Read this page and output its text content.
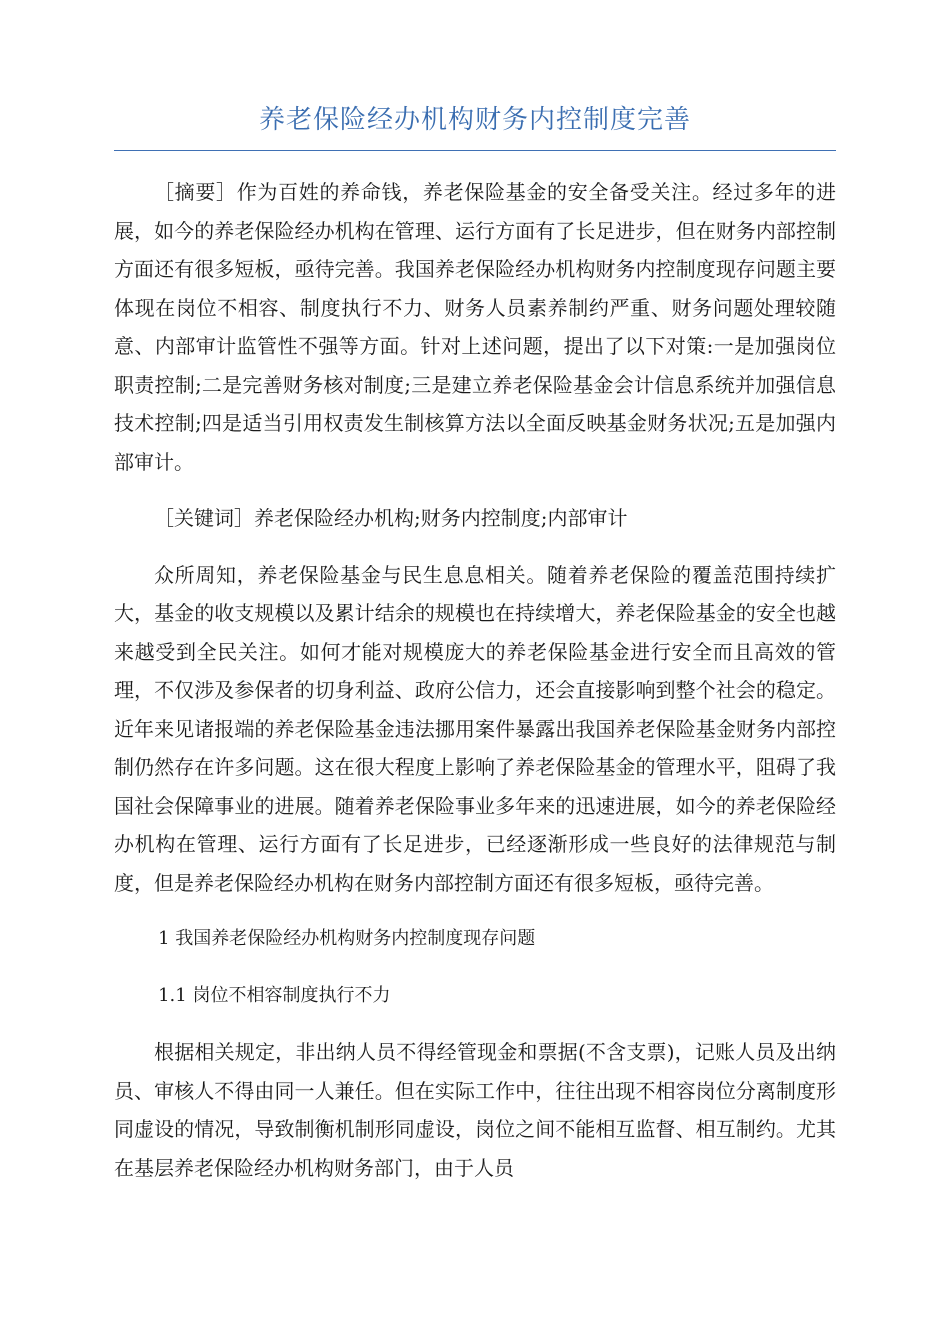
养老保险经办机构财务内控制度完善

［摘要］作为百姓的养命钱，养老保险基金的安全备受关注。经过多年的进展，如今的养老保险经办机构在管理、运行方面有了长足进步，但在财务内部控制方面还有很多短板，亟待完善。我国养老保险经办机构财务内控制度现存问题主要体现在岗位不相容、制度执行不力、财务人员素养制约严重、财务问题处理较随意、内部审计监管性不强等方面。针对上述问题，提出了以下对策:一是加强岗位职责控制;二是完善财务核对制度;三是建立养老保险基金会计信息系统并加强信息技术控制;四是适当引用权责发生制核算方法以全面反映基金财务状况;五是加强内部审计。

［关键词］养老保险经办机构;财务内控制度;内部审计

众所周知，养老保险基金与民生息息相关。随着养老保险的覆盖范围持续扩大，基金的收支规模以及累计结余的规模也在持续增大，养老保险基金的安全也越来越受到全民关注。如何才能对规模庞大的养老保险基金进行安全而且高效的管理，不仅涉及参保者的切身利益、政府公信力，还会直接影响到整个社会的稳定。近年来见诸报端的养老保险基金违法挪用案件暴露出我国养老保险基金财务内部控制仍然存在许多问题。这在很大程度上影响了养老保险基金的管理水平，阻碍了我国社会保障事业的进展。随着养老保险事业多年来的迅速进展，如今的养老保险经办机构在管理、运行方面有了长足进步，已经逐渐形成一些良好的法律规范与制度，但是养老保险经办机构在财务内部控制方面还有很多短板，亟待完善。

1 我国养老保险经办机构财务内控制度现存问题

1.1 岗位不相容制度执行不力

根据相关规定，非出纳人员不得经管现金和票据(不含支票)，记账人员及出纳员、审核人不得由同一人兼任。但在实际工作中，往往出现不相容岗位分离制度形同虚设的情况，导致制衡机制形同虚设，岗位之间不能相互监督、相互制约。尤其在基层养老保险经办机构财务部门，由于人员
